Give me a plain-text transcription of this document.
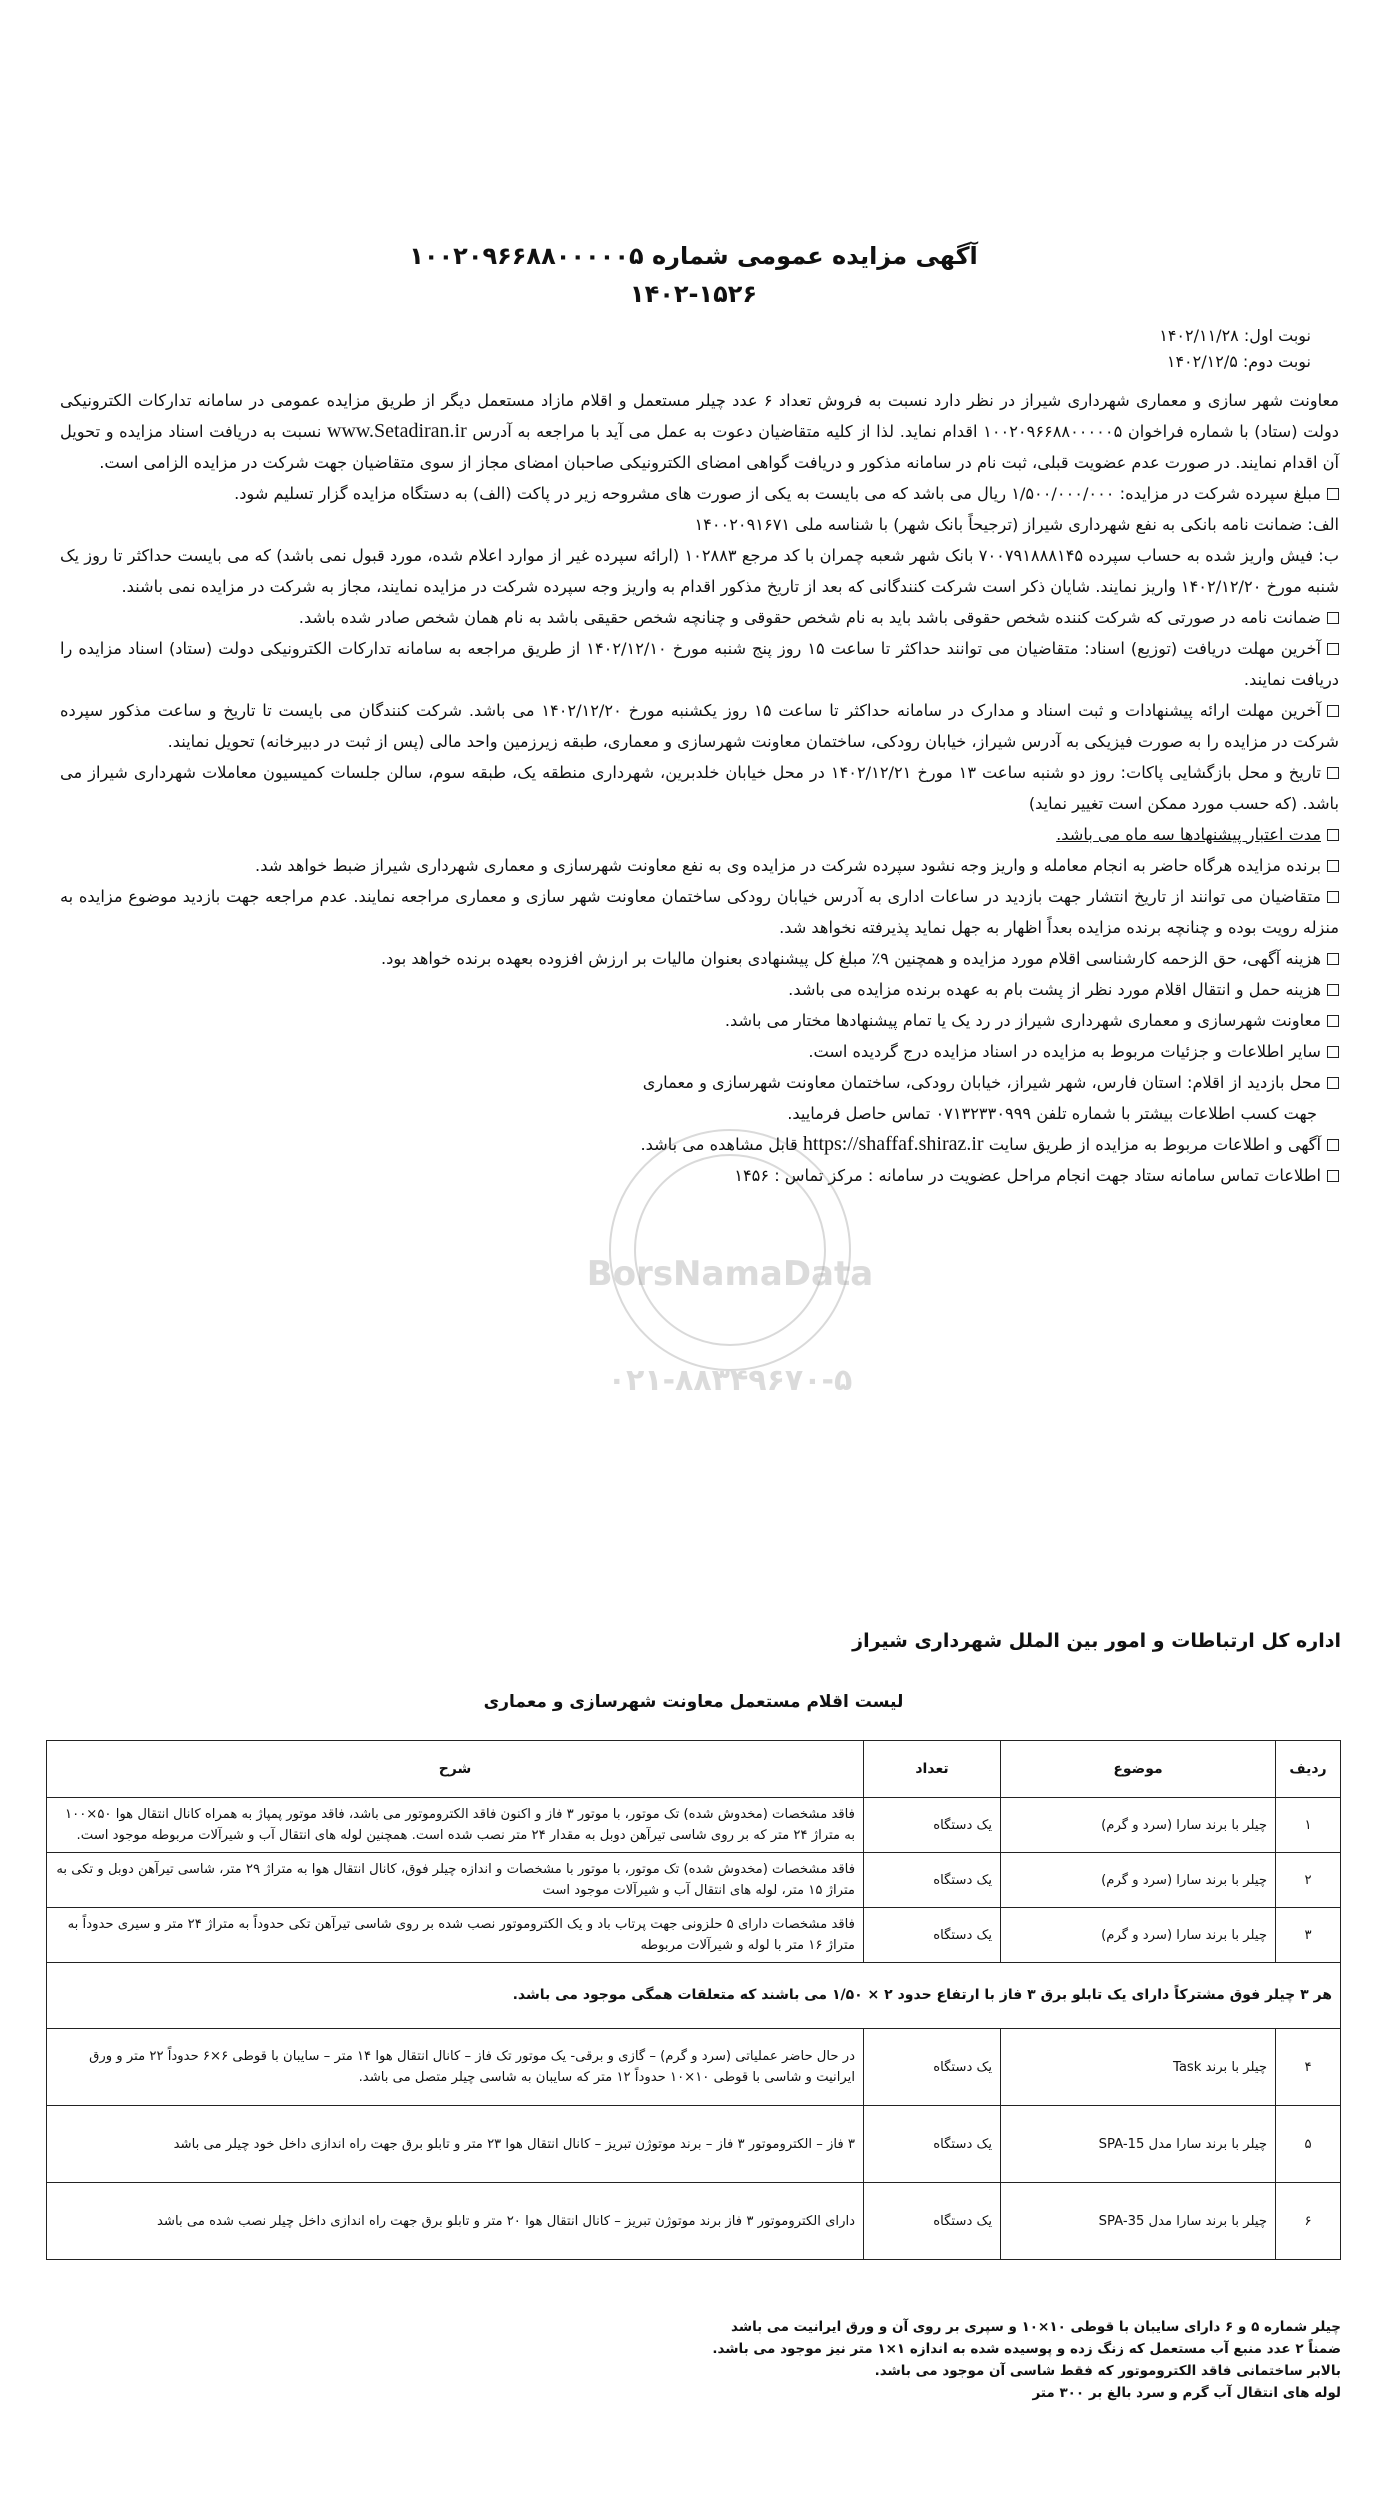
آگهی مزایده عمومی شماره ۱۰۰۲۰۹۶۶۸۸۰۰۰۰۰۵
۱۴۰۲-۱۵۲۶
نوبت اول: ۱۴۰۲/۱۱/۲۸
نوبت دوم: ۱۴۰۲/۱۲/۵

معاونت شهر سازی و معماری شهرداری شیراز در نظر دارد نسبت به فروش تعداد ۶ عدد چیلر مستعمل و اقلام مازاد مستعمل دیگر از طریق مزایده عمومی در سامانه تدارکات الکترونیکی دولت (ستاد) با شماره فراخوان ۱۰۰۲۰۹۶۶۸۸۰۰۰۰۰۵ اقدام نماید. لذا از کلیه متقاضیان دعوت به عمل می آید با مراجعه به آدرس www.Setadiran.ir نسبت به دریافت اسناد مزایده و تحویل آن اقدام نمایند. در صورت عدم عضویت قبلی، ثبت نام در سامانه مذکور و دریافت گواهی امضای الکترونیکی صاحبان امضای مجاز از سوی متقاضیان جهت شرکت در مزایده الزامی است.

مبلغ سپرده شرکت در مزایده: ۱/۵۰۰/۰۰۰/۰۰۰ ریال می باشد که می بایست به یکی از صورت های مشروحه زیر در پاکت (الف) به دستگاه مزایده گزار تسلیم شود.

الف: ضمانت نامه بانکی به نفع شهرداری شیراز (ترجیحاً بانک شهر) با شناسه ملی ۱۴۰۰۲۰۹۱۶۷۱

ب: فیش واریز شده به حساب سپرده ۷۰۰۷۹۱۸۸۸۱۴۵ بانک شهر شعبه چمران با کد مرجع ۱۰۲۸۸۳ (ارائه سپرده غیر از موارد اعلام شده، مورد قبول نمی باشد) که می بایست حداکثر تا روز یک شنبه مورخ ۱۴۰۲/۱۲/۲۰ واریز نمایند. شایان ذکر است شرکت کنندگانی که بعد از تاریخ مذکور اقدام به واریز وجه سپرده شرکت در مزایده نمایند، مجاز به شرکت در مزایده نمی باشند.

ضمانت نامه در صورتی که شرکت کننده شخص حقوقی باشد باید به نام شخص حقوقی و چنانچه شخص حقیقی باشد به نام همان شخص صادر شده باشد.

آخرین مهلت دریافت (توزیع) اسناد: متقاضیان می توانند حداکثر تا ساعت ۱۵ روز پنج شنبه مورخ ۱۴۰۲/۱۲/۱۰ از طریق مراجعه به سامانه تدارکات الکترونیکی دولت (ستاد) اسناد مزایده را دریافت نمایند.

آخرین مهلت ارائه پیشنهادات و ثبت اسناد و مدارک در سامانه حداکثر تا ساعت ۱۵ روز یکشنبه مورخ ۱۴۰۲/۱۲/۲۰ می باشد. شرکت کنندگان می بایست تا تاریخ و ساعت مذکور سپرده شرکت در مزایده را به صورت فیزیکی به آدرس شیراز، خیابان رودکی، ساختمان معاونت شهرسازی و معماری، طبقه زیرزمین واحد مالی (پس از ثبت در دبیرخانه) تحویل نمایند.

تاریخ و محل بازگشایی پاکات: روز دو شنبه ساعت ۱۳ مورخ ۱۴۰۲/۱۲/۲۱ در محل خیابان خلدبرین، شهرداری منطقه یک، طبقه سوم، سالن جلسات کمیسیون معاملات شهرداری شیراز می باشد. (که حسب مورد ممکن است تغییر نماید)

مدت اعتبار پیشنهادها سه ماه می باشد.

برنده مزایده هرگاه حاضر به انجام معامله و واریز وجه نشود سپرده شرکت در مزایده وی به نفع معاونت شهرسازی و معماری شهرداری شیراز ضبط خواهد شد.

متقاضیان می توانند از تاریخ انتشار جهت بازدید در ساعات اداری به آدرس خیابان رودکی ساختمان معاونت شهر سازی و معماری مراجعه نمایند. عدم مراجعه جهت بازدید موضوع مزایده به منزله رویت بوده و چنانچه برنده مزایده بعداً اظهار به جهل نماید پذیرفته نخواهد شد.

هزینه آگهی، حق الزحمه کارشناسی اقلام مورد مزایده و همچنین ۹٪ مبلغ کل پیشنهادی بعنوان مالیات بر ارزش افزوده بعهده برنده خواهد بود.

هزینه حمل و انتقال اقلام مورد نظر از پشت بام به عهده برنده مزایده می باشد.

معاونت شهرسازی و معماری شهرداری شیراز در رد یک یا تمام پیشنهادها مختار می باشد.

سایر اطلاعات و جزئیات مربوط به مزایده در اسناد مزایده درج گردیده است.

محل بازدید از اقلام: استان فارس، شهر شیراز، خیابان رودکی، ساختمان معاونت شهرسازی و معماری

جهت کسب اطلاعات بیشتر با شماره تلفن ۰۷۱۳۲۳۳۰۹۹۹ تماس حاصل فرمایید.

آگهی و اطلاعات مربوط به مزایده از طریق سایت https://shaffaf.shiraz.ir قابل مشاهده می باشد.

اطلاعات تماس سامانه ستاد جهت انجام مراحل عضویت در سامانه : مرکز تماس : ۱۴۵۶

BorsNamaData
۰۲۱-۸۸۳۴۹۶۷۰-۵
اداره کل ارتباطات و امور بین الملل شهرداری شیراز
لیست اقلام مستعمل معاونت شهرسازی و معماری
ردیف	موضوع	تعداد	شرح
۱	چیلر با برند سارا (سرد و گرم)	یک دستگاه	فاقد مشخصات (مخدوش شده) تک موتور، با موتور ۳ فاز و اکنون فاقد الکتروموتور می باشد، فاقد موتور پمپاژ به همراه کانال انتقال هوا ۵۰×۱۰۰ به متراژ ۲۴ متر که بر روی شاسی تیرآهن دوبل به مقدار ۲۴ متر نصب شده است. همچنین لوله های انتقال آب و شیرآلات مربوطه موجود است.
۲	چیلر با برند سارا (سرد و گرم)	یک دستگاه	فاقد مشخصات (مخدوش شده) تک موتور، با موتور با مشخصات و اندازه چیلر فوق، کانال انتقال هوا به متراژ ۲۹ متر، شاسی تیرآهن دوبل و تکی به متراژ ۱۵ متر، لوله های انتقال آب و شیرآلات موجود است
۳	چیلر با برند سارا (سرد و گرم)	یک دستگاه	فاقد مشخصات دارای ۵ حلزونی جهت پرتاب باد و یک الکتروموتور نصب شده بر روی شاسی تیرآهن تکی حدوداً به متراژ ۲۴ متر و سیری حدوداً به متراژ ۱۶ متر با لوله و شیرآلات مربوطه
هر ۳ چیلر فوق مشترکاً دارای یک تابلو برق ۳ فاز با ارتفاع حدود ۲ × ۱/۵۰ می باشند که متعلقات همگی موجود می باشد.			
۴	چیلر با برند Task	یک دستگاه	در حال حاضر عملیاتی (سرد و گرم) – گازی و برقی- یک موتور تک فاز – کانال انتقال هوا ۱۴ متر – سایبان با قوطی ۶×۶ حدوداً ۲۲ متر و ورق ایرانیت و شاسی با قوطی ۱۰×۱۰ حدوداً ۱۲ متر که سایبان به شاسی چیلر متصل می باشد.
۵	چیلر با برند سارا مدل SPA-15	یک دستگاه	۳ فاز – الکتروموتور ۳ فاز – برند موتوژن تبریز – کانال انتقال هوا ۲۳ متر و تابلو برق جهت راه اندازی داخل خود چیلر می باشد
۶	چیلر با برند سارا مدل SPA-35	یک دستگاه	دارای الکتروموتور ۳ فاز برند موتوژن تبریز – کانال انتقال هوا ۲۰ متر و تابلو برق جهت راه اندازی داخل چیلر نصب شده می باشد
چیلر شماره ۵ و ۶ دارای سایبان با قوطی ۱۰×۱۰ و سپری بر روی آن و ورق ایرانیت می باشد
ضمناً ۲ عدد منبع آب مستعمل که زنگ زده و پوسیده شده به اندازه ۱×۱ متر نیز موجود می باشد.
بالابر ساختمانی فاقد الکتروموتور که فقط شاسی آن موجود می باشد.
لوله های انتقال آب گرم و سرد بالغ بر ۳۰۰ متر
